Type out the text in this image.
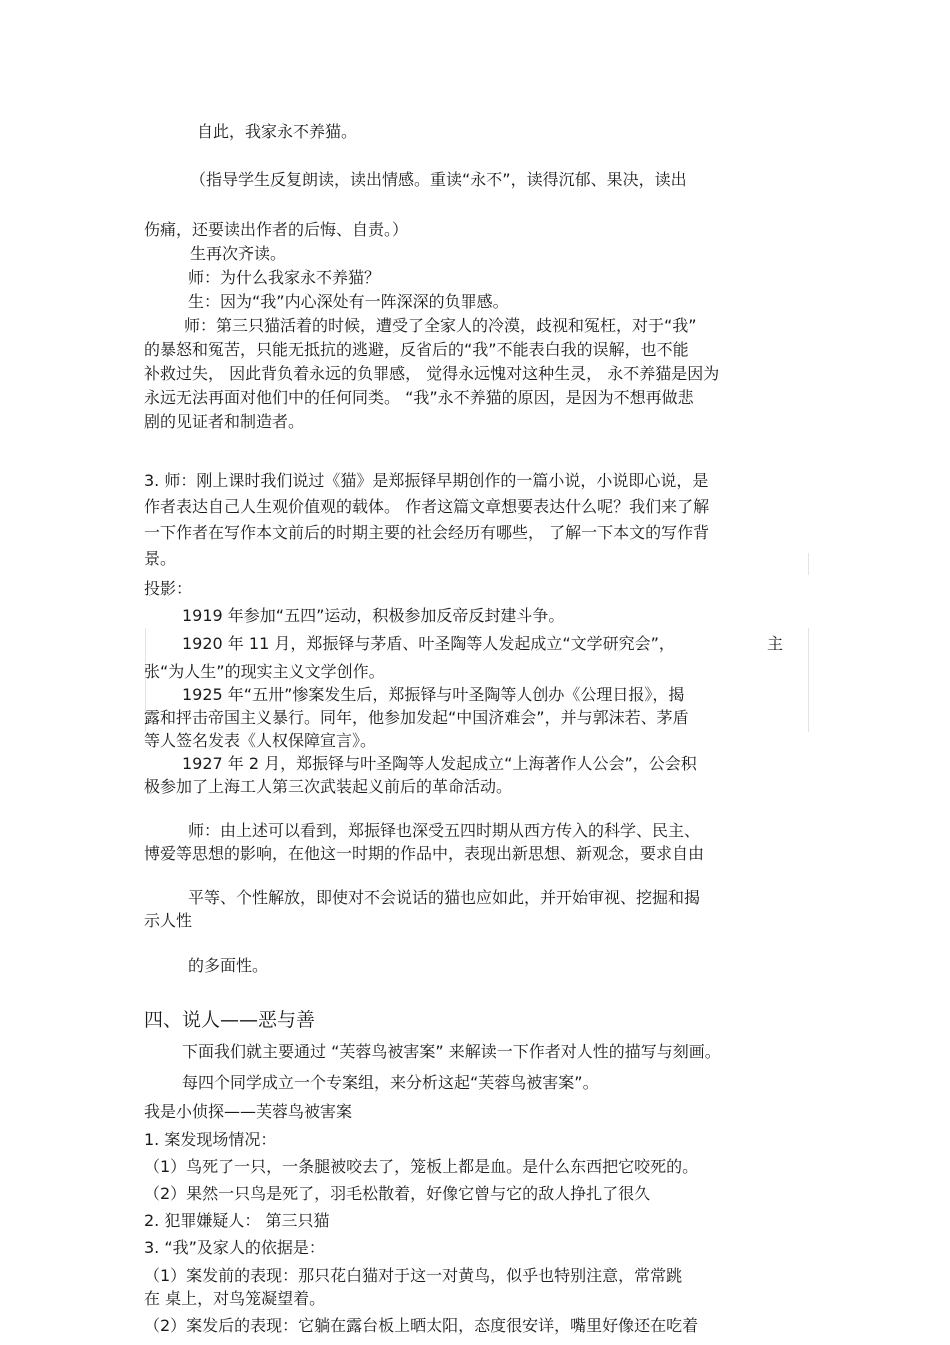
自此，我家永不养猫。
（指导学生反复朗读，读出情感。重读“永不”，读得沉郁、果决，读出
伤痛，还要读出作者的后悔、自责。）
生再次齐读。
师：为什么我家永不养猫？
生：因为“我”内心深处有一阵深深的负罪感。
师：第三只猫活着的时候，遭受了全家人的冷漠，歧视和冤枉，对于“我”
的暴怒和冤苦，只能无抵抗的逃避，反省后的“我”不能表白我的误解，也不能
补救过失， 因此背负着永远的负罪感， 觉得永远愧对这种生灵， 永不养猫是因为
永远无法再面对他们中的任何同类。 “我”永不养猫的原因，是因为不想再做悲
剧的见证者和制造者。
3. 师：刚上课时我们说过《猫》是郑振铎早期创作的一篇小说，小说即心说，是
作者表达自己人生观价值观的载体。 作者这篇文章想要表达什么呢？我们来了解
一下作者在写作本文前后的时期主要的社会经历有哪些， 了解一下本文的写作背
景。
投影：
1919 年参加“五四”运动，积极参加反帝反封建斗争。
1920 年 11 月，郑振铎与茅盾、叶圣陶等人发起成立“文学研究会”，	主
张“为人生”的现实主义文学创作。
1925 年“五卅”惨案发生后，郑振铎与叶圣陶等人创办《公理日报》，揭
露和抨击帝国主义暴行。同年，他参加发起“中国济难会”，并与郭沫若、茅盾
等人签名发表《人权保障宣言》。
1927 年 2 月，郑振铎与叶圣陶等人发起成立“上海著作人公会”，公会积
极参加了上海工人第三次武装起义前后的革命活动。
师：由上述可以看到，郑振铎也深受五四时期从西方传入的科学、民主、
博爱等思想的影响，在他这一时期的作品中，表现出新思想、新观念，要求自由
平等、个性解放，即使对不会说话的猫也应如此，并开始审视、挖掘和揭
示人性
的多面性。
四、说人——恶与善
下面我们就主要通过 “芙蓉鸟被害案” 来解读一下作者对人性的描写与刻画。
每四个同学成立一个专案组，来分析这起“芙蓉鸟被害案”。
我是小侦探——芙蓉鸟被害案
1. 案发现场情况：
（1）鸟死了一只，一条腿被咬去了，笼板上都是血。是什么东西把它咬死的。
（2）果然一只鸟是死了，羽毛松散着，好像它曾与它的敌人挣扎了很久
2. 犯罪嫌疑人： 第三只猫
3. “我”及家人的依据是：
（1）案发前的表现：那只花白猫对于这一对黄鸟，似乎也特别注意，常常跳
在 桌上，对鸟笼凝望着。
（2）案发后的表现：它躺在露台板上晒太阳，态度很安详，嘴里好像还在吃着
